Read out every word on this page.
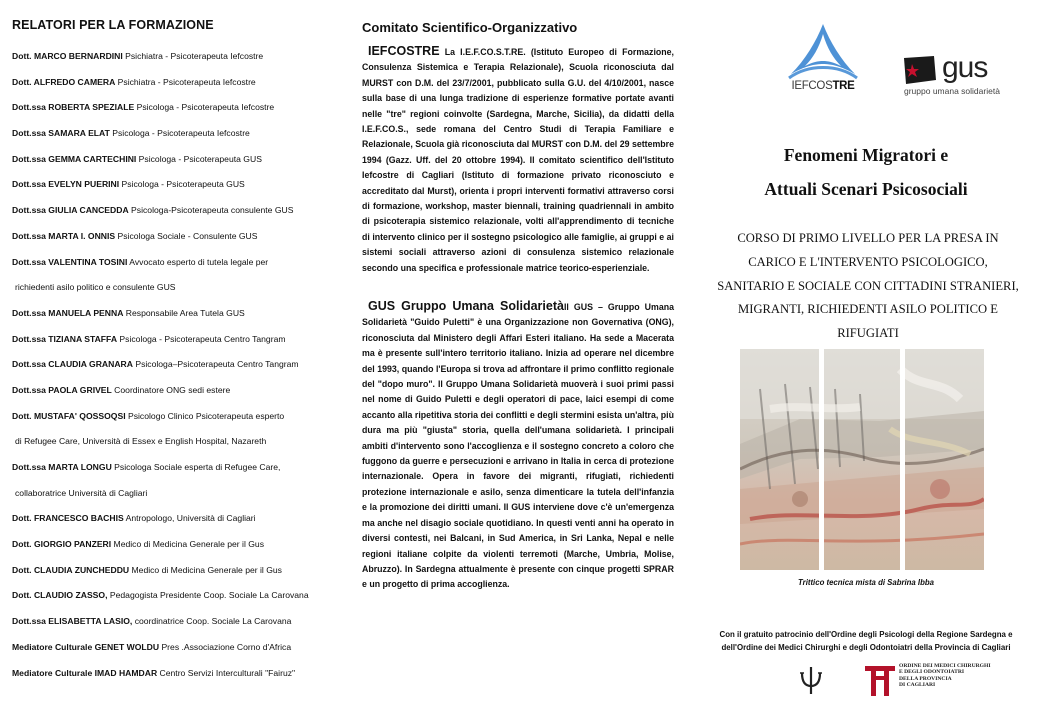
RELATORI PER LA FORMAZIONE
Dott. MARCO BERNARDINI Psichiatra - Psicoterapeuta Iefcostre
Dott. ALFREDO CAMERA Psichiatra - Psicoterapeuta Iefcostre
Dott.ssa ROBERTA SPEZIALE Psicologa - Psicoterapeuta Iefcostre
Dott.ssa SAMARA ELAT Psicologa - Psicoterapeuta Iefcostre
Dott.ssa GEMMA CARTECHINI Psicologa - Psicoterapeuta GUS
Dott.ssa EVELYN PUERINI Psicologa - Psicoterapeuta GUS
Dott.ssa GIULIA CANCEDDA Psicologa-Psicoterapeuta consulente GUS
Dott.ssa MARTA I. ONNIS Psicologa Sociale - Consulente GUS
Dott.ssa VALENTINA TOSINI Avvocato esperto di tutela legale per
richiedenti asilo politico e consulente GUS
Dott.ssa MANUELA PENNA Responsabile Area Tutela GUS
Dott.ssa TIZIANA STAFFA Psicologa - Psicoterapeuta Centro Tangram
Dott.ssa CLAUDIA GRANARA Psicologa–Psicoterapeuta Centro Tangram
Dott.ssa PAOLA GRIVEL Coordinatore ONG sedi estere
Dott. MUSTAFA' QOSSOQSI Psicologo Clinico Psicoterapeuta esperto
di Refugee Care, Università di Essex e English Hospital, Nazareth
Dott.ssa MARTA LONGU Psicologa Sociale esperta di Refugee Care,
collaboratrice Università di Cagliari
Dott. FRANCESCO BACHIS Antropologo, Università di Cagliari
Dott. GIORGIO PANZERI Medico di Medicina Generale per il Gus
Dott. CLAUDIA ZUNCHEDDU Medico di Medicina Generale per il Gus
Dott. CLAUDIO ZASSO, Pedagogista Presidente Coop. Sociale La Carovana
Dott.ssa ELISABETTA LASIO, coordinatrice Coop. Sociale La Carovana
Mediatore Culturale GENET WOLDU Pres .Associazione Corno d'Africa
Mediatore Culturale IMAD HAMDAR Centro Servizi Interculturali "Fairuz"
Comitato Scientifico-Organizzativo
IEFCOSTRE La I.E.F.CO.S.T.RE. (Istituto Europeo di Formazione, Consulenza Sistemica e Terapia Relazionale), Scuola riconosciuta dal MURST con D.M. del 23/7/2001, pubblicato sulla G.U. del 4/10/2001, nasce sulla base di una lunga tradizione di esperienze formative portate avanti nelle "tre" regioni coinvolte (Sardegna, Marche, Sicilia), da didatti della I.E.F.CO.S., sede romana del Centro Studi di Terapia Familiare e Relazionale, Scuola già riconosciuta dal MURST con D.M. del 29 settembre 1994 (Gazz. Uff. del 20 ottobre 1994). Il comitato scientifico dell'Istituto Iefcostre di Cagliari (Istituto di formazione privato riconosciuto e accreditato dal Murst), orienta i propri interventi formativi attraverso corsi di formazione, workshop, master biennali, training quadriennali in ambito di psicoterapia sistemico relazionale, volti all'apprendimento di tecniche di intervento clinico per il sostegno psicologico alle famiglie, ai gruppi e ai sistemi sociali attraverso azioni di consulenza sistemico relazionale secondo una specifica e professionale matrice teorico-esperienziale.
GUS Gruppo Umana SolidarietàIl GUS – Gruppo Umana Solidarietà "Guido Puletti" è una Organizzazione non Governativa (ONG), riconosciuta dal Ministero degli Affari Esteri italiano. Ha sede a Macerata ma è presente sull'intero territorio italiano. Inizia ad operare nel dicembre del 1993, quando l'Europa si trova ad affrontare il primo conflitto regionale del "dopo muro". Il Gruppo Umana Solidarietà muoverà i suoi primi passi nel nome di Guido Puletti e degli operatori di pace, laici esempi di come accanto alla ripetitiva storia dei conflitti e degli stermini esista un'altra, più dura ma più "giusta" storia, quella dell'umana solidarietà. I principali ambiti d'intervento sono l'accoglienza e il sostegno concreto a coloro che fuggono da guerre e persecuzioni e arrivano in Italia in cerca di protezione internazionale. Opera in favore dei migranti, rifugiati, richiedenti protezione internazionale e asilo, senza dimenticare la tutela dell'infanzia e la promozione dei diritti umani. Il GUS interviene dove c'è un'emergenza ma anche nel disagio sociale quotidiano. In questi venti anni ha operato in diversi contesti, nei Balcani, in Sud America, in Sri Lanka, Nepal e nelle regioni italiane colpite da violenti terremoti (Marche, Umbria, Molise, Abruzzo). In Sardegna attualmente è presente con cinque progetti SPRAR e un progetto di prima accoglienza.
IEFCOSTRE
gus
gruppo umana solidarietà
Fenomeni Migratori e
Attuali Scenari Psicosociali
CORSO DI PRIMO LIVELLO PER LA PRESA IN CARICO E L'INTERVENTO PSICOLOGICO, SANITARIO E SOCIALE CON CITTADINI STRANIERI, MIGRANTI, RICHIEDENTI ASILO POLITICO E RIFUGIATI
Trittico tecnica mista di Sabrina Ibba
Con il gratuito patrocinio dell'Ordine degli Psicologi della Regione Sardegna e
dell'Ordine dei Medici Chirurghi e degli Odontoiatri della Provincia di Cagliari
ORDINE DEI MEDICI CHIRURGHI
E DEGLI ODONTOIATRI
DELLA PROVINCIA
DI CAGLIARI
